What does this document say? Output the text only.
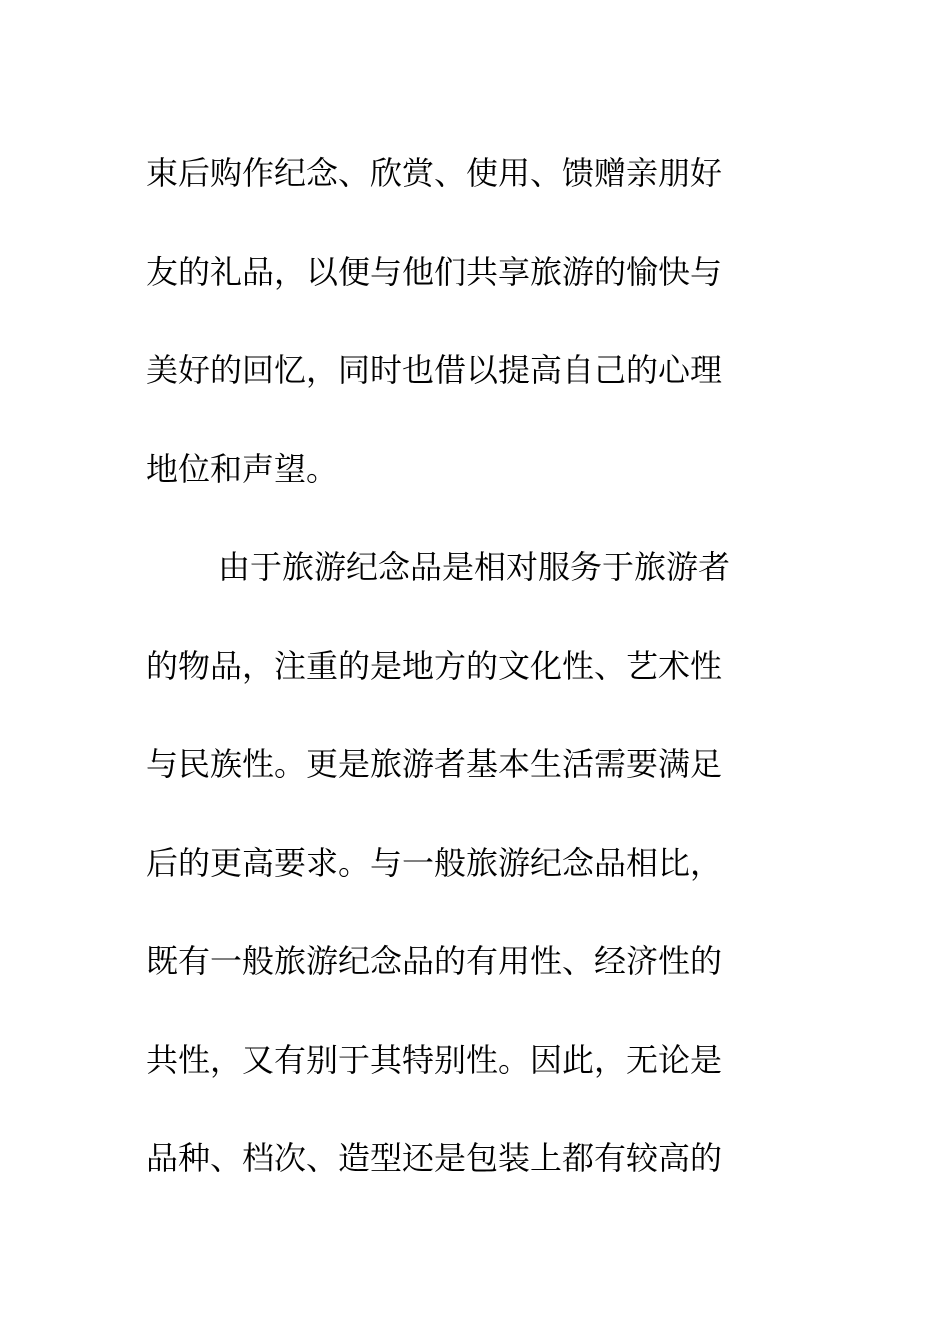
束后购作纪念、欣赏、使用、馈赠亲朋好
友的礼品，以便与他们共享旅游的愉快与
美好的回忆，同时也借以提高自己的心理
地位和声望。
由于旅游纪念品是相对服务于旅游者
的物品，注重的是地方的文化性、艺术性
与民族性。更是旅游者基本生活需要满足
后的更高要求。与一般旅游纪念品相比，
既有一般旅游纪念品的有用性、经济性的
共性，又有别于其特别性。因此，无论是
品种、档次、造型还是包装上都有较高的
